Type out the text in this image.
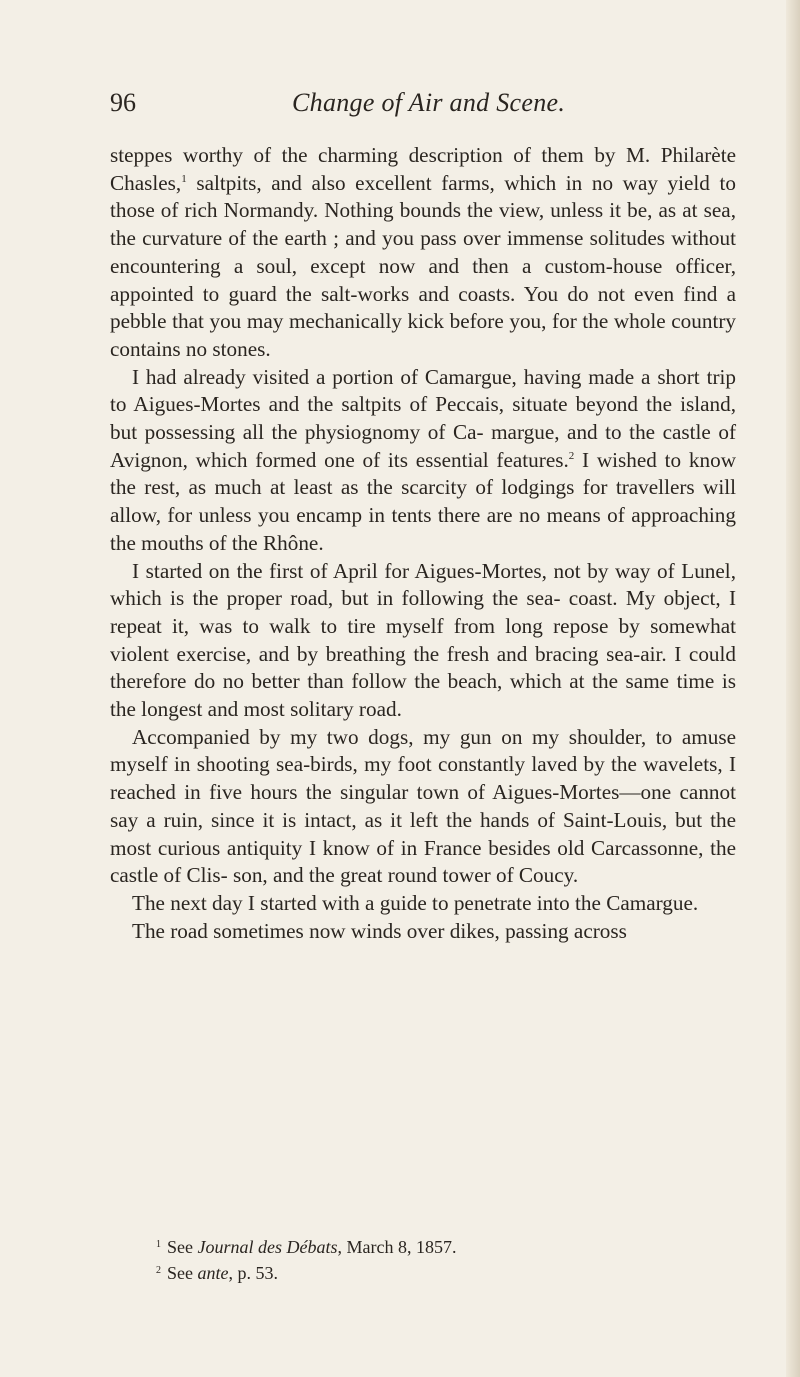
96	Change of Air and Scene.

steppes worthy of the charming description of them by M. Philarète Chasles,$^1$ saltpits, and also excellent farms, which in no way yield to those of rich Normandy. Nothing bounds the view, unless it be, as at sea, the curvature of the earth ; and you pass over immense solitudes without encountering a soul, except now and then a custom-house officer, appointed to guard the salt-works and coasts. You do not even find a pebble that you may mechanically kick before you, for the whole country contains no stones.

I had already visited a portion of Camargue, having made a short trip to Aigues-Mortes and the saltpits of Peccais, situate beyond the island, but possessing all the physiognomy of Ca- margue, and to the castle of Avignon, which formed one of its essential features.$^2$ I wished to know the rest, as much at least as the scarcity of lodgings for travellers will allow, for unless you encamp in tents there are no means of approaching the mouths of the Rhône.

I started on the first of April for Aigues-Mortes, not by way of Lunel, which is the proper road, but in following the sea- coast. My object, I repeat it, was to walk to tire myself from long repose by somewhat violent exercise, and by breathing the fresh and bracing sea-air. I could therefore do no better than follow the beach, which at the same time is the longest and most solitary road.

Accompanied by my two dogs, my gun on my shoulder, to amuse myself in shooting sea-birds, my foot constantly laved by the wavelets, I reached in five hours the singular town of Aigues-Mortes—one cannot say a ruin, since it is intact, as it left the hands of Saint-Louis, but the most curious antiquity I know of in France besides old Carcassonne, the castle of Clis- son, and the great round tower of Coucy.

The next day I started with a guide to penetrate into the Camargue.

The road sometimes now winds over dikes, passing across

$^1$ See Journal des Débats, March 8, 1857.
$^2$ See ante, p. 53.
